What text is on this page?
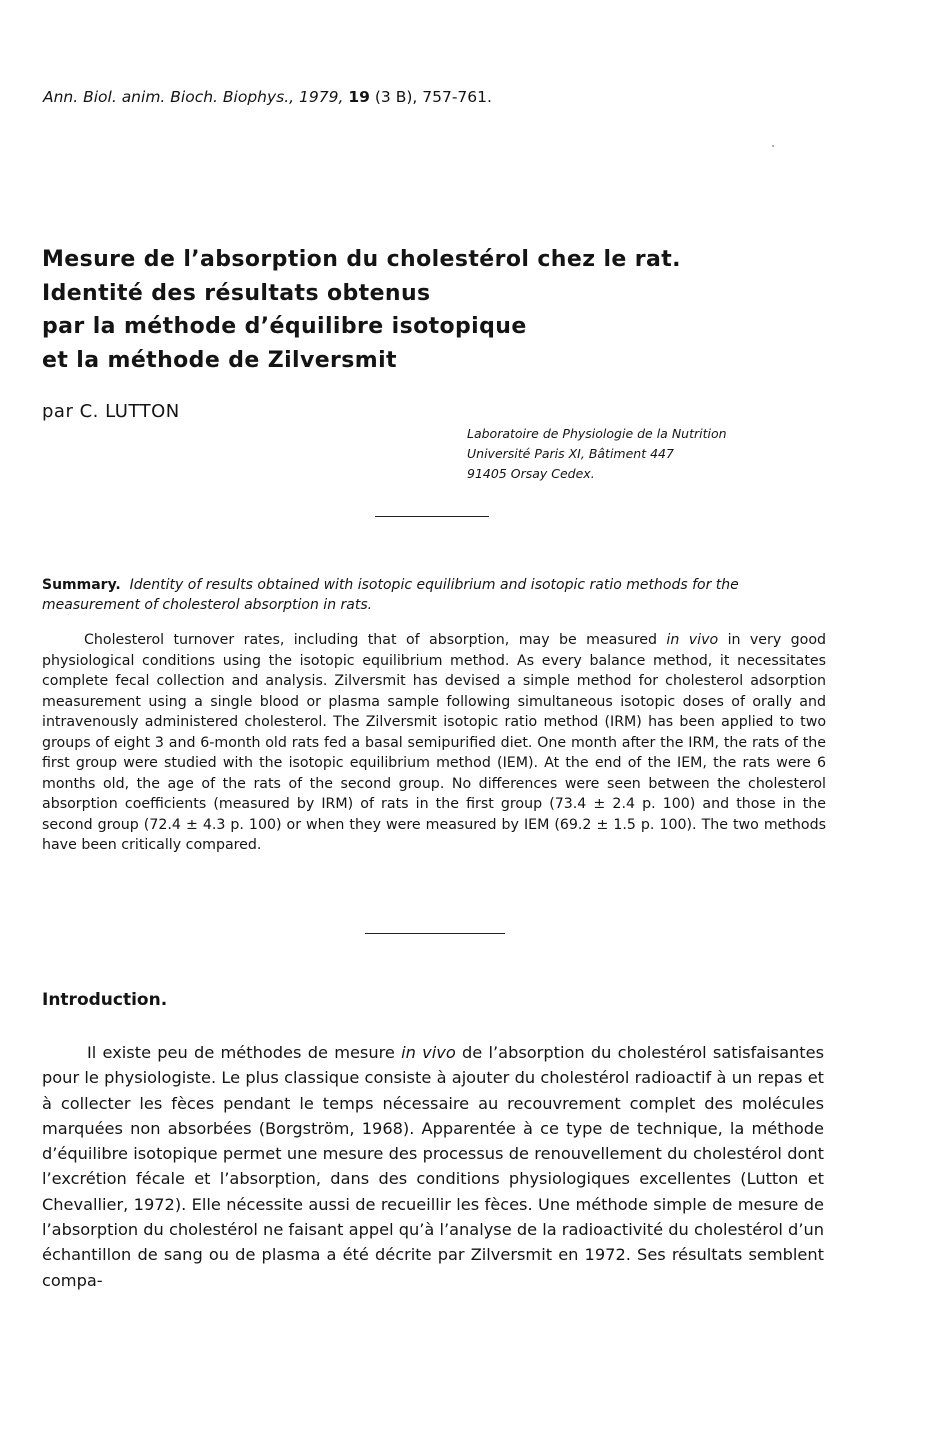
Ann. Biol. anim. Bioch. Biophys., 1979, 19 (3 B), 757-761.
Mesure de l’absorption du cholestérol chez le rat.
Identité des résultats obtenus
par la méthode d’équilibre isotopique
et la méthode de Zilversmit
par C. LUTTON
Laboratoire de Physiologie de la Nutrition
Université Paris XI, Bâtiment 447
91405 Orsay Cedex.
Summary. Identity of results obtained with isotopic equilibrium and isotopic ratio methods for the measurement of cholesterol absorption in rats.

Cholesterol turnover rates, including that of absorption, may be measured in vivo in very good physiological conditions using the isotopic equilibrium method. As every balance method, it necessitates complete fecal collection and analysis. Zilversmit has devised a simple method for cholesterol adsorption measurement using a single blood or plasma sample following simultaneous isotopic doses of orally and intravenously administered cholesterol. The Zilversmit isotopic ratio method (IRM) has been applied to two groups of eight 3 and 6-month old rats fed a basal semipurified diet. One month after the IRM, the rats of the first group were studied with the isotopic equilibrium method (IEM). At the end of the IEM, the rats were 6 months old, the age of the rats of the second group. No differences were seen between the cholesterol absorption coefficients (measured by IRM) of rats in the first group (73.4 ± 2.4 p. 100) and those in the second group (72.4 ± 4.3 p. 100) or when they were measured by IEM (69.2 ± 1.5 p. 100). The two methods have been critically compared.

Introduction.

Il existe peu de méthodes de mesure in vivo de l’absorption du cholestérol satisfaisantes pour le physiologiste. Le plus classique consiste à ajouter du cholestérol radioactif à un repas et à collecter les fèces pendant le temps nécessaire au recouvrement complet des molécules marquées non absorbées (Borgström, 1968). Apparentée à ce type de technique, la méthode d’équilibre isotopique permet une mesure des processus de renouvellement du cholestérol dont l’excrétion fécale et l’absorption, dans des conditions physiologiques excellentes (Lutton et Chevallier, 1972). Elle nécessite aussi de recueillir les fèces. Une méthode simple de mesure de l’absorption du cholestérol ne faisant appel qu’à l’analyse de la radioactivité du cholestérol d’un échantillon de sang ou de plasma a été décrite par Zilversmit en 1972. Ses résultats semblent compa-
